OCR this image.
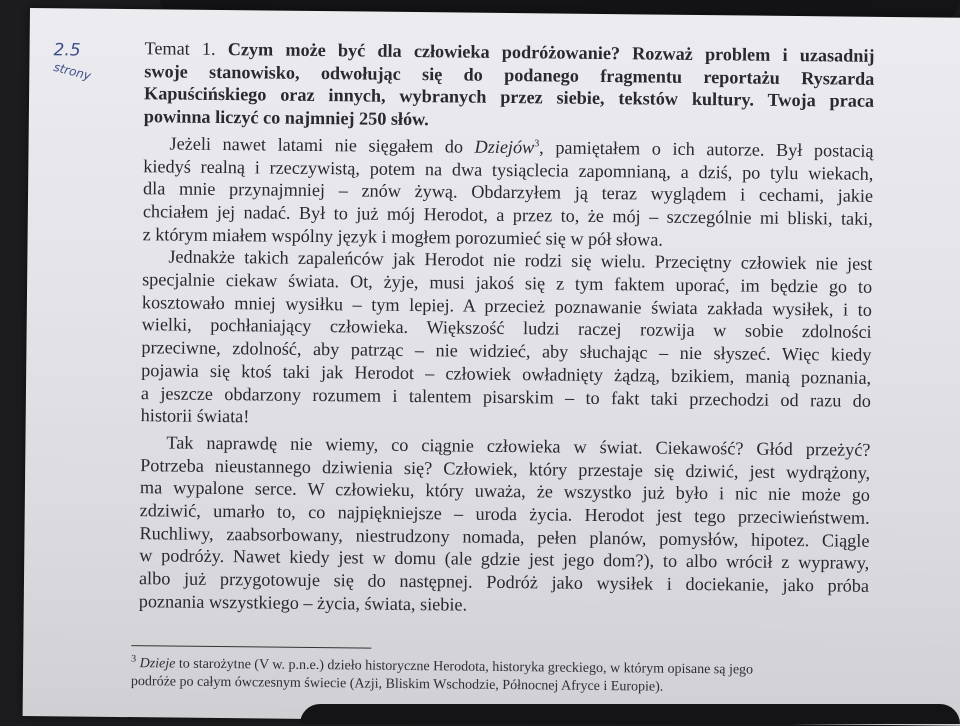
2.5
strony
Temat 1. Czym może być dla człowieka podróżowanie? Rozważ problem i uzasadnij
swoje stanowisko, odwołując się do podanego fragmentu reportażu Ryszarda
Kapuścińskiego oraz innych, wybranych przez siebie, tekstów kultury. Twoja praca
powinna liczyć co najmniej 250 słów.
Jeżeli nawet latami nie sięgałem do Dziejów$^3$, pamiętałem o ich autorze. Był postacią
kiedyś realną i rzeczywistą, potem na dwa tysiąclecia zapomnianą, a dziś, po tylu wiekach,
dla mnie przynajmniej – znów żywą. Obdarzyłem ją teraz wyglądem i cechami, jakie
chciałem jej nadać. Był to już mój Herodot, a przez to, że mój – szczególnie mi bliski, taki,
z którym miałem wspólny język i mogłem porozumieć się w pół słowa.
Jednakże takich zapaleńców jak Herodot nie rodzi się wielu. Przeciętny człowiek nie jest
specjalnie ciekaw świata. Ot, żyje, musi jakoś się z tym faktem uporać, im będzie go to
kosztowało mniej wysiłku – tym lepiej. A przecież poznawanie świata zakłada wysiłek, i to
wielki, pochłaniający człowieka. Większość ludzi raczej rozwija w sobie zdolności
przeciwne, zdolność, aby patrząc – nie widzieć, aby słuchając – nie słyszeć. Więc kiedy
pojawia się ktoś taki jak Herodot – człowiek owładnięty żądzą, bzikiem, manią poznania,
a jeszcze obdarzony rozumem i talentem pisarskim – to fakt taki przechodzi od razu do
historii świata!
Tak naprawdę nie wiemy, co ciągnie człowieka w świat. Ciekawość? Głód przeżyć?
Potrzeba nieustannego dziwienia się? Człowiek, który przestaje się dziwić, jest wydrążony,
ma wypalone serce. W człowieku, który uważa, że wszystko już było i nic nie może go
zdziwić, umarło to, co najpiękniejsze – uroda życia. Herodot jest tego przeciwieństwem.
Ruchliwy, zaabsorbowany, niestrudzony nomada, pełen planów, pomysłów, hipotez. Ciągle
w podróży. Nawet kiedy jest w domu (ale gdzie jest jego dom?), to albo wrócił z wyprawy,
albo już przygotowuje się do następnej. Podróż jako wysiłek i dociekanie, jako próba
poznania wszystkiego – życia, świata, siebie.
$^3$ Dzieje to starożytne (V w. p.n.e.) dzieło historyczne Herodota, historyka greckiego, w którym opisane są jego
podróże po całym ówczesnym świecie (Azji, Bliskim Wschodzie, Północnej Afryce i Europie).
